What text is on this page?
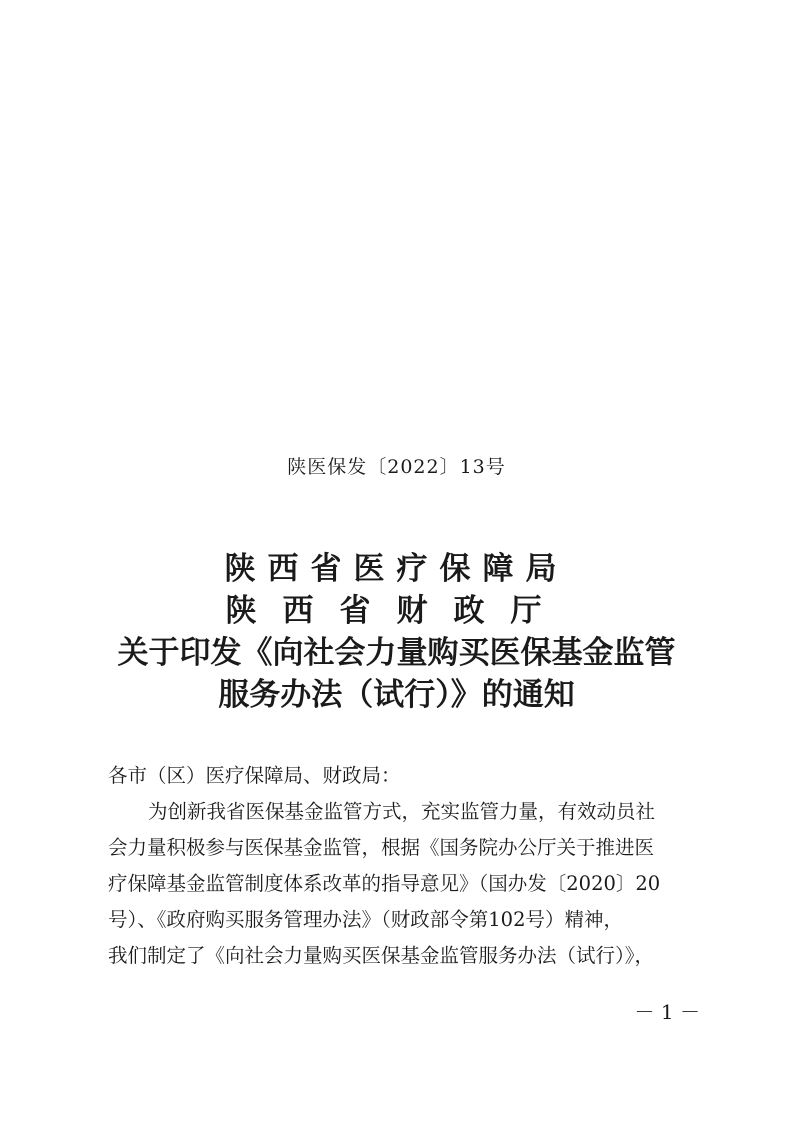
陕医保发〔2022〕13号
陕西省医疗保障局
陕西省财政厅
关于印发《向社会力量购买医保基金监管
服务办法（试行）》的通知

各市（区）医疗保障局、财政局：

为创新我省医保基金监管方式，充实监管力量，有效动员社

会力量积极参与医保基金监管，根据《国务院办公厅关于推进医

疗保障基金监管制度体系改革的指导意见》（国办发〔2020〕20

号）、《政府购买服务管理办法》（财政部令第102号）精神，

我们制定了《向社会力量购买医保基金监管服务办法（试行）》，

－ 1 －
